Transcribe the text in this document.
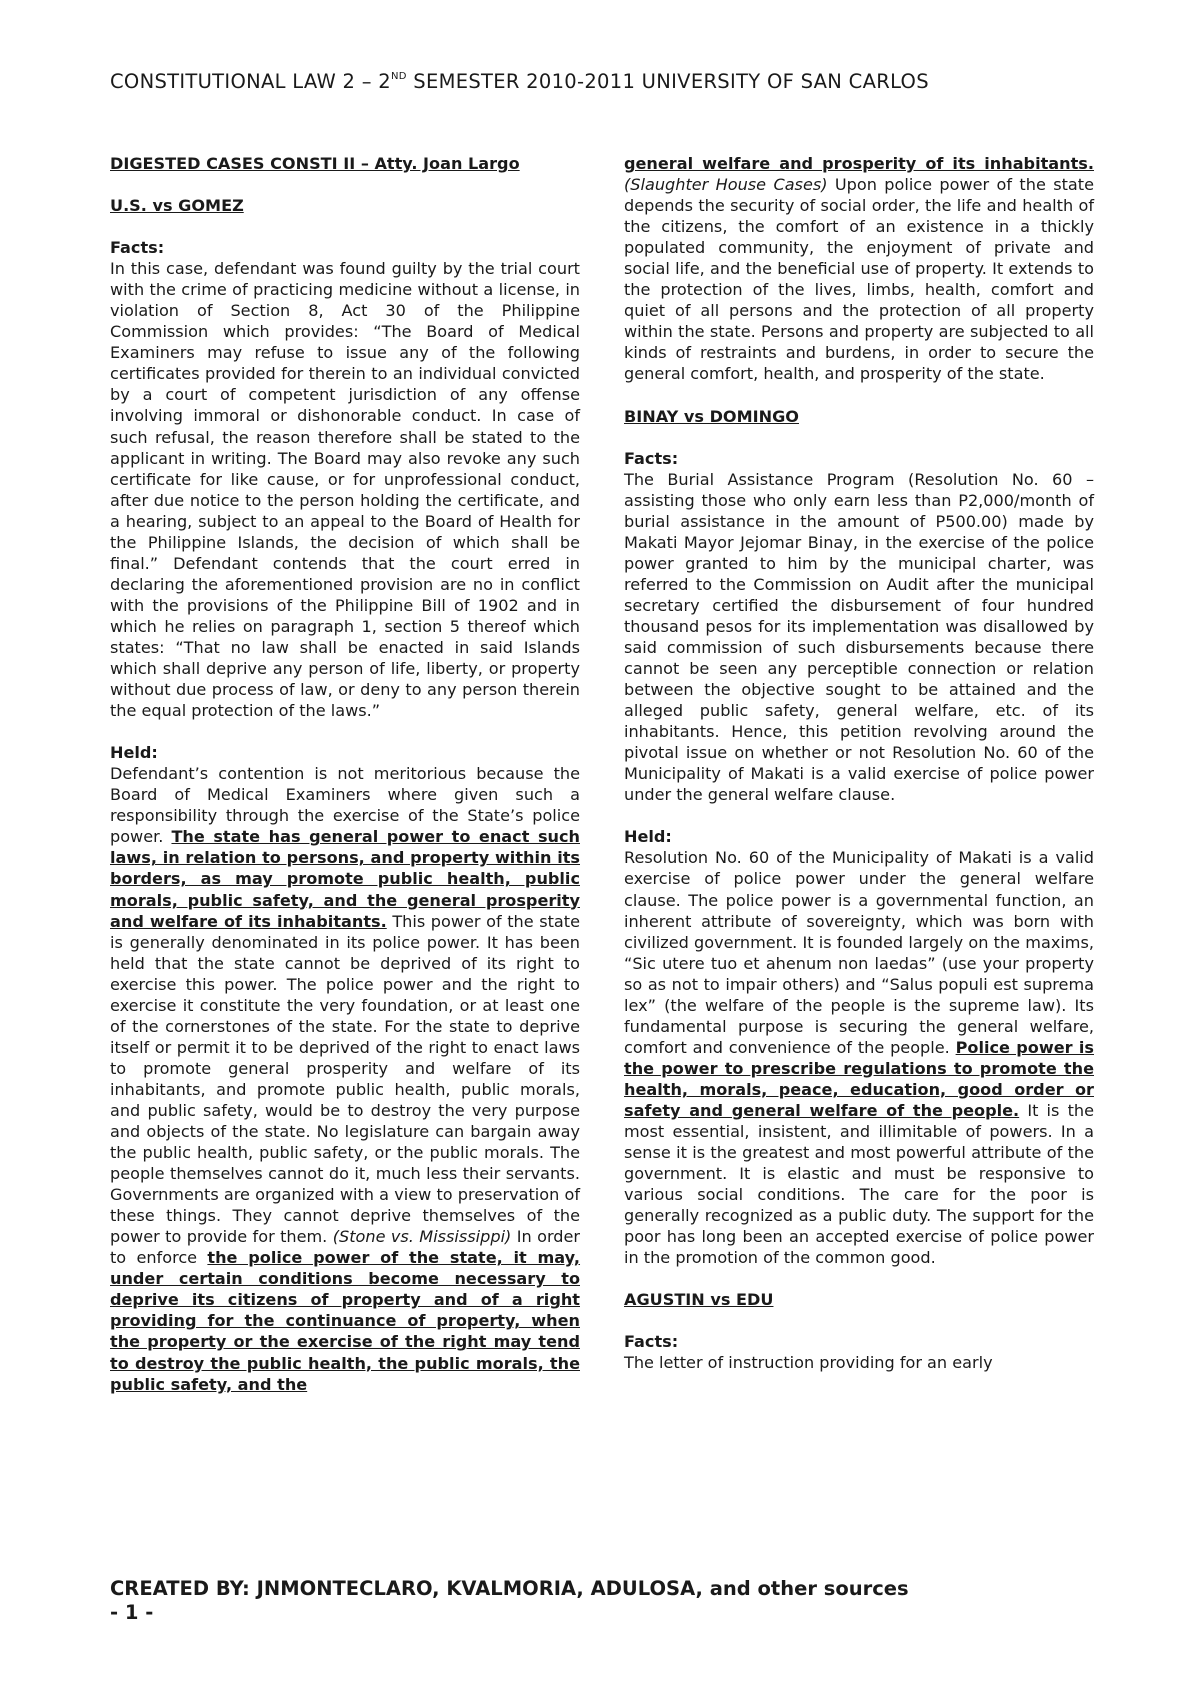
CONSTITUTIONAL LAW 2 – 2ND SEMESTER 2010-2011 UNIVERSITY OF SAN CARLOS

DIGESTED CASES CONSTI II – Atty. Joan Largo

U.S. vs GOMEZ

Facts:

In this case, defendant was found guilty by the trial court with the crime of practicing medicine without a license, in violation of Section 8, Act 30 of the Philippine Commission which provides: “The Board of Medical Examiners may refuse to issue any of the following certificates provided for therein to an individual convicted by a court of competent jurisdiction of any offense involving immoral or dishonorable conduct. In case of such refusal, the reason therefore shall be stated to the applicant in writing. The Board may also revoke any such certificate for like cause, or for unprofessional conduct, after due notice to the person holding the certificate, and a hearing, subject to an appeal to the Board of Health for the Philippine Islands, the decision of which shall be final.” Defendant contends that the court erred in declaring the aforementioned provision are no in conflict with the provisions of the Philippine Bill of 1902 and in which he relies on paragraph 1, section 5 thereof which states: “That no law shall be enacted in said Islands which shall deprive any person of life, liberty, or property without due process of law, or deny to any person therein the equal protection of the laws.”

Held:

Defendant’s contention is not meritorious because the Board of Medical Examiners where given such a responsibility through the exercise of the State’s police power. The state has general power to enact such laws, in relation to persons, and property within its borders, as may promote public health, public morals, public safety, and the general prosperity and welfare of its inhabitants. This power of the state is generally denominated in its police power. It has been held that the state cannot be deprived of its right to exercise this power. The police power and the right to exercise it constitute the very foundation, or at least one of the cornerstones of the state. For the state to deprive itself or permit it to be deprived of the right to enact laws to promote general prosperity and welfare of its inhabitants, and promote public health, public morals, and public safety, would be to destroy the very purpose and objects of the state. No legislature can bargain away the public health, public safety, or the public morals. The people themselves cannot do it, much less their servants. Governments are organized with a view to preservation of these things. They cannot deprive themselves of the power to provide for them. (Stone vs. Mississippi) In order to enforce the police power of the state, it may, under certain conditions become necessary to deprive its citizens of property and of a right providing for the continuance of property, when the property or the exercise of the right may tend to destroy the public health, the public morals, the public safety, and the

general welfare and prosperity of its inhabitants. (Slaughter House Cases) Upon police power of the state depends the security of social order, the life and health of the citizens, the comfort of an existence in a thickly populated community, the enjoyment of private and social life, and the beneficial use of property. It extends to the protection of the lives, limbs, health, comfort and quiet of all persons and the protection of all property within the state. Persons and property are subjected to all kinds of restraints and burdens, in order to secure the general comfort, health, and prosperity of the state.

BINAY vs DOMINGO

Facts:

The Burial Assistance Program (Resolution No. 60 – assisting those who only earn less than P2,000/month of burial assistance in the amount of P500.00) made by Makati Mayor Jejomar Binay, in the exercise of the police power granted to him by the municipal charter, was referred to the Commission on Audit after the municipal secretary certified the disbursement of four hundred thousand pesos for its implementation was disallowed by said commission of such disbursements because there cannot be seen any perceptible connection or relation between the objective sought to be attained and the alleged public safety, general welfare, etc. of its inhabitants. Hence, this petition revolving around the pivotal issue on whether or not Resolution No. 60 of the Municipality of Makati is a valid exercise of police power under the general welfare clause.

Held:

Resolution No. 60 of the Municipality of Makati is a valid exercise of police power under the general welfare clause. The police power is a governmental function, an inherent attribute of sovereignty, which was born with civilized government. It is founded largely on the maxims, “Sic utere tuo et ahenum non laedas” (use your property so as not to impair others) and “Salus populi est suprema lex” (the welfare of the people is the supreme law). Its fundamental purpose is securing the general welfare, comfort and convenience of the people. Police power is the power to prescribe regulations to promote the health, morals, peace, education, good order or safety and general welfare of the people. It is the most essential, insistent, and illimitable of powers. In a sense it is the greatest and most powerful attribute of the government. It is elastic and must be responsive to various social conditions. The care for the poor is generally recognized as a public duty. The support for the poor has long been an accepted exercise of police power in the promotion of the common good.

AGUSTIN vs EDU

Facts:

The letter of instruction providing for an early

CREATED BY: JNMONTECLARO, KVALMORIA, ADULOSA, and other sources
- 1 -
